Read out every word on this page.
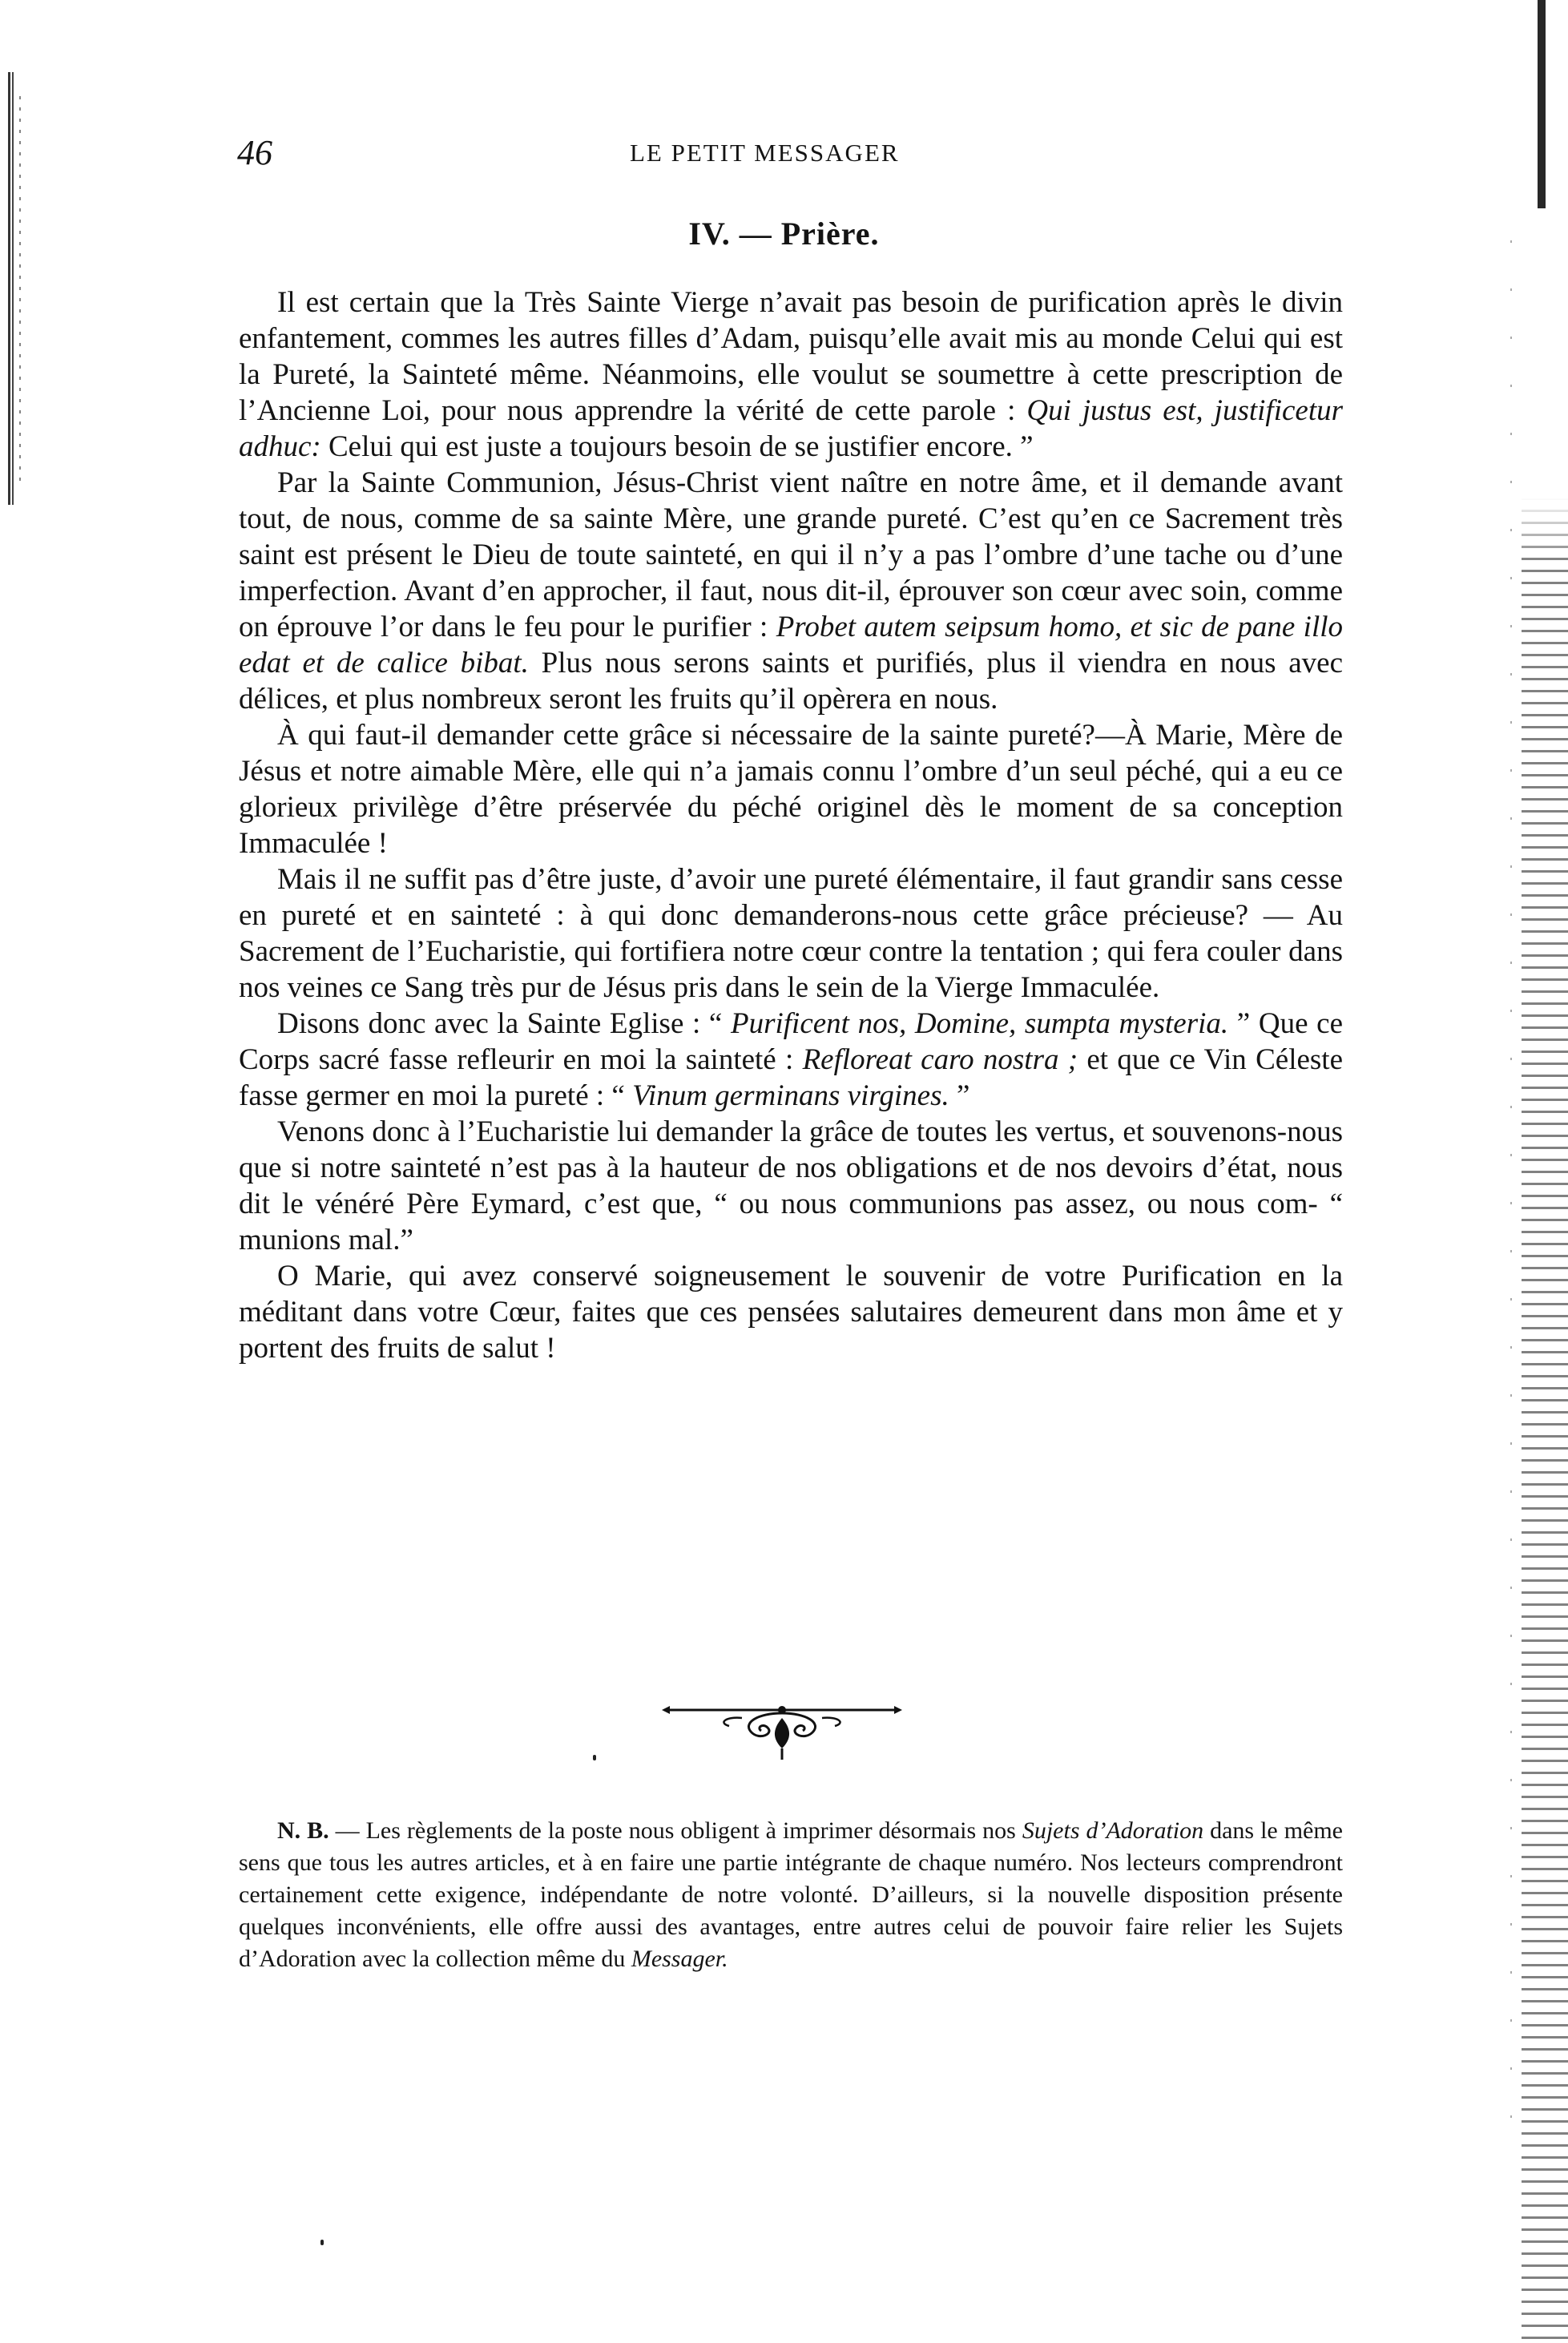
46	LE PETIT MESSAGER
IV. — Prière.

Il est certain que la Très Sainte Vierge n’avait pas besoin de purification après le divin enfantement, commes les autres filles d’Adam, puisqu’elle avait mis au monde Celui qui est la Pureté, la Sainteté même. Néanmoins, elle voulut se soumettre à cette prescription de l’Ancienne Loi, pour nous apprendre la vérité de cette parole : Qui justus est, justificetur adhuc: Celui qui est juste a toujours besoin de se justifier encore. ”

Par la Sainte Communion, Jésus-Christ vient naître en notre âme, et il demande avant tout, de nous, comme de sa sainte Mère, une grande pureté. C’est qu’en ce Sacrement très saint est présent le Dieu de toute sainteté, en qui il n’y a pas l’ombre d’une tache ou d’une imperfection. Avant d’en approcher, il faut, nous dit-il, éprouver son cœur avec soin, comme on éprouve l’or dans le feu pour le purifier : Probet autem seipsum homo, et sic de pane illo edat et de calice bibat. Plus nous serons saints et purifiés, plus il viendra en nous avec délices, et plus nombreux seront les fruits qu’il opèrera en nous.

À qui faut-il demander cette grâce si nécessaire de la sainte pureté?—À Marie, Mère de Jésus et notre aimable Mère, elle qui n’a jamais connu l’ombre d’un seul péché, qui a eu ce glorieux privilège d’être préservée du péché originel dès le moment de sa conception Immaculée !

Mais il ne suffit pas d’être juste, d’avoir une pureté élémentaire, il faut grandir sans cesse en pureté et en sainteté : à qui donc demanderons-nous cette grâce précieuse? — Au Sacrement de l’Eucharistie, qui fortifiera notre cœur contre la tentation ; qui fera couler dans nos veines ce Sang très pur de Jésus pris dans le sein de la Vierge Immaculée.

Disons donc avec la Sainte Eglise : “ Purificent nos, Domine, sumpta mysteria. ” Que ce Corps sacré fasse refleurir en moi la sainteté : Refloreat caro nostra ; et que ce Vin Céleste fasse germer en moi la pureté : “ Vinum germinans virgines. ”

Venons donc à l’Eucharistie lui demander la grâce de toutes les vertus, et souvenons-nous que si notre sainteté n’est pas à la hauteur de nos obligations et de nos devoirs d’état, nous dit le vénéré Père Eymard, c’est que, “ ou nous communions pas assez, ou nous com- “ munions mal.”

O Marie, qui avez conservé soigneusement le souvenir de votre Purification en la méditant dans votre Cœur, faites que ces pensées salutaires demeurent dans mon âme et y portent des fruits de salut !

N. B. — Les règlements de la poste nous obligent à imprimer désormais nos Sujets d’Adoration dans le même sens que tous les autres articles, et à en faire une partie intégrante de chaque numéro. Nos lecteurs comprendront certainement cette exigence, indépendante de notre volonté. D’ailleurs, si la nouvelle disposition présente quelques inconvénients, elle offre aussi des avantages, entre autres celui de pouvoir faire relier les Sujets d’Adoration avec la collection même du Messager.
